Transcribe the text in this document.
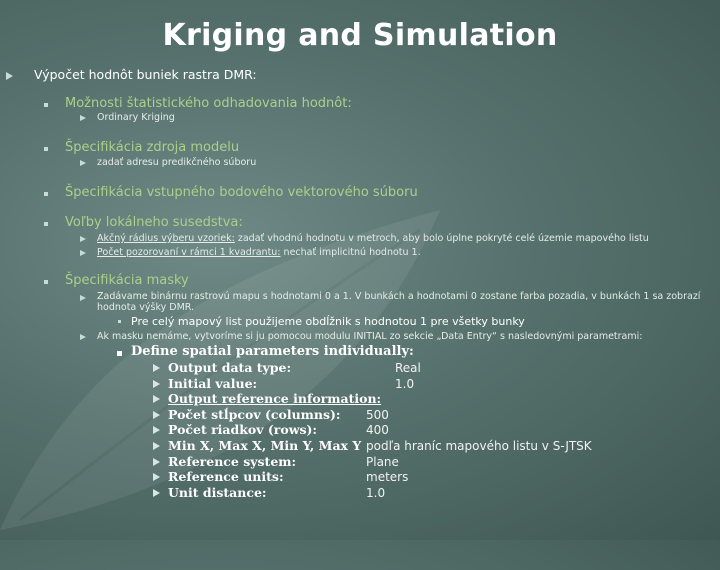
Kriging and Simulation
Výpočet hodnôt buniek rastra DMR:
Možnosti štatistického odhadovania hodnôt:
Ordinary Kriging
Špecifikácia zdroja modelu
zadať adresu predikčného súboru
Špecifikácia vstupného bodového vektorového súboru
Voľby lokálneho susedstva:
Akčný rádius výberu vzoriek: zadať vhodnú hodnotu v metroch, aby bolo úplne pokryté celé územie mapového listu
Počet pozorovaní v rámci 1 kvadrantu: nechať implicitnú hodnotu 1.
Špecifikácia masky
Zadávame binárnu rastrovú mapu s hodnotami 0 a 1. V bunkách a hodnotami 0 zostane farba pozadia, v bunkách 1 sa zobrazí
hodnota výšky DMR.
Pre celý mapový list použijeme obdĺžnik s hodnotou 1 pre všetky bunky
Ak masku nemáme, vytvoríme si ju pomocou modulu INITIAL zo sekcie „Data Entry“ s nasledovnými parametrami:
Define spatial parameters individually:
Output data type:	Real
Initial value:	1.0
Output reference information:
Počet stĺpcov (columns): 500
Počet riadkov (rows):	400
Min X, Max X, Min Y, Max Y podľa hraníc mapového listu v S-JTSK
Reference system:	Plane
Reference units:	meters
Unit distance:	1.0
